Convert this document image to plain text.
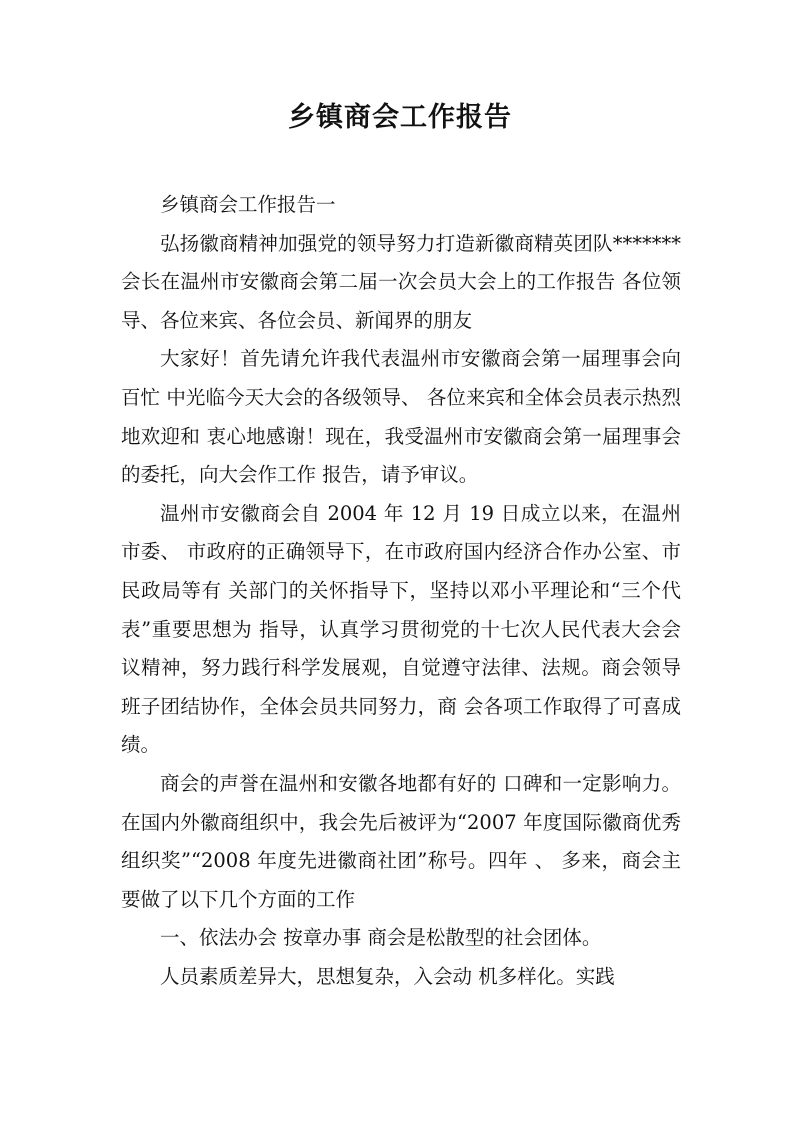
乡镇商会工作报告

乡镇商会工作报告一

弘扬徽商精神加强党的领导努力打造新徽商精英团队*******会长在温州市安徽商会第二届一次会员大会上的工作报告 各位领导、各位来宾、各位会员、新闻界的朋友

大家好！首先请允许我代表温州市安徽商会第一届理事会向百忙 中光临今天大会的各级领导、 各位来宾和全体会员表示热烈地欢迎和 衷心地感谢！现在，我受温州市安徽商会第一届理事会的委托，向大会作工作 报告，请予审议。

温州市安徽商会自 2004 年 12 月 19 日成立以来，在温州市委、 市政府的正确领导下，在市政府国内经济合作办公室、市民政局等有 关部门的关怀指导下，坚持以邓小平理论和“三个代表”重要思想为 指导，认真学习贯彻党的十七次人民代表大会会议精神，努力践行科学发展观，自觉遵守法律、法规。商会领导班子团结协作，全体会员共同努力，商 会各项工作取得了可喜成绩。

商会的声誉在温州和安徽各地都有好的 口碑和一定影响力。在国内外徽商组织中，我会先后被评为“2007 年度国际徽商优秀组织奖”“2008 年度先进徽商社团”称号。四年 、 多来，商会主要做了以下几个方面的工作

一、依法办会 按章办事 商会是松散型的社会团体。

人员素质差异大，思想复杂，入会动 机多样化。实践
